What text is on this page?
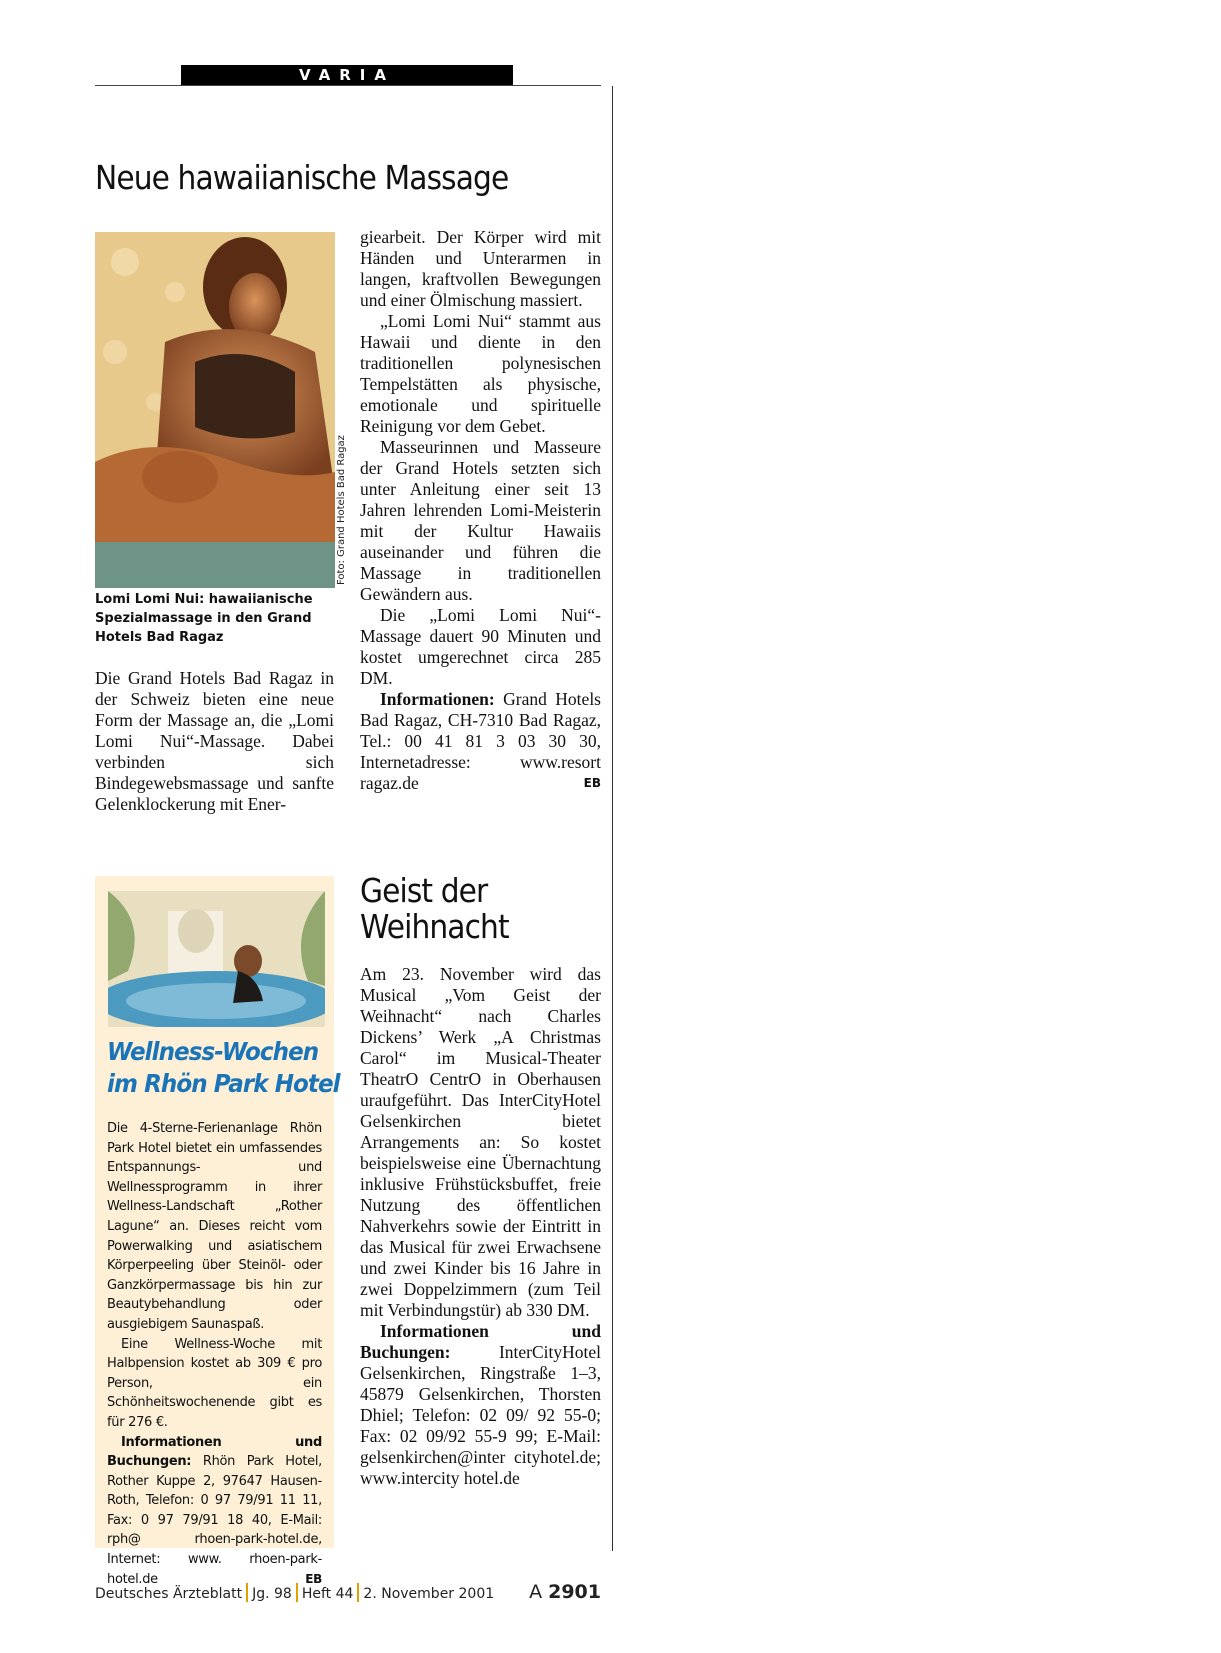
VARIA
Neue hawaiianische Massage
Foto: Grand Hotels Bad Ragaz

Lomi Lomi Nui: hawaiianische Spezialmassage in den Grand Hotels Bad Ragaz

Die Grand Hotels Bad Ragaz in der Schweiz bieten eine neue Form der Massage an, die „Lomi Lomi Nui“-Massage. Dabei verbinden sich Bindegewebsmassage und sanfte Gelenklockerung mit Ener-

giearbeit. Der Körper wird mit Händen und Unterarmen in langen, kraftvollen Bewegungen und einer Ölmischung massiert.

„Lomi Lomi Nui“ stammt aus Hawaii und diente in den traditionellen polynesischen Tempelstätten als physische, emotionale und spirituelle Reinigung vor dem Gebet.

Masseurinnen und Masseure der Grand Hotels setzten sich unter Anleitung einer seit 13 Jahren lehrenden Lomi-Meisterin mit der Kultur Hawaiis auseinander und führen die Massage in traditionellen Gewändern aus.

Die „Lomi Lomi Nui“-Massage dauert 90 Minuten und kostet umgerechnet circa 285 DM.

Informationen: Grand Hotels Bad Ragaz, CH-7310 Bad Ragaz, Tel.: 00 41 81 3 03 30 30, Internetadresse: www.resort ragaz.de	EB

Wellness-Wochen
im Rhön Park Hotel

Die 4-Sterne-Ferienanlage Rhön Park Hotel bietet ein umfassendes Entspannungs- und Wellnessprogramm in ihrer Wellness-Landschaft „Rother Lagune“ an. Dieses reicht vom Powerwalking und asiatischem Körperpeeling über Steinöl- oder Ganzkörpermassage bis hin zur Beautybehandlung oder ausgiebigem Saunaspaß.

Eine Wellness-Woche mit Halbpension kostet ab 309 € pro Person, ein Schönheitswochenende gibt es für 276 €.

Informationen und Buchungen: Rhön Park Hotel, Rother Kuppe 2, 97647 Hausen-Roth, Telefon: 0 97 79/91 11 11, Fax: 0 97 79/91 18 40, E-Mail: rph@ rhoen-park-hotel.de, Internet: www. rhoen-park-hotel.de	EB

Geist der
Weihnacht

Am 23. November wird das Musical „Vom Geist der Weihnacht“ nach Charles Dickens’ Werk „A Christmas Carol“ im Musical-Theater TheatrO CentrO in Oberhausen uraufgeführt. Das InterCityHotel Gelsenkirchen bietet Arrangements an: So kostet beispielsweise eine Übernachtung inklusive Frühstücksbuffet, freie Nutzung des öffentlichen Nahverkehrs sowie der Eintritt in das Musical für zwei Erwachsene und zwei Kinder bis 16 Jahre in zwei Doppelzimmern (zum Teil mit Verbindungstür) ab 330 DM.

Informationen und Buchungen:	InterCityHotel Gelsenkirchen, Ringstraße 1–3, 45879 Gelsenkirchen, Thorsten Dhiel; Telefon: 02 09/ 92 55-0; Fax: 02 09/92 55-9 99; E-Mail: gelsenkirchen@inter cityhotel.de; www.intercity hotel.de

Deutsches Ärzteblatt Jg. 98 Heft 44 2. November 2001 A 2901
